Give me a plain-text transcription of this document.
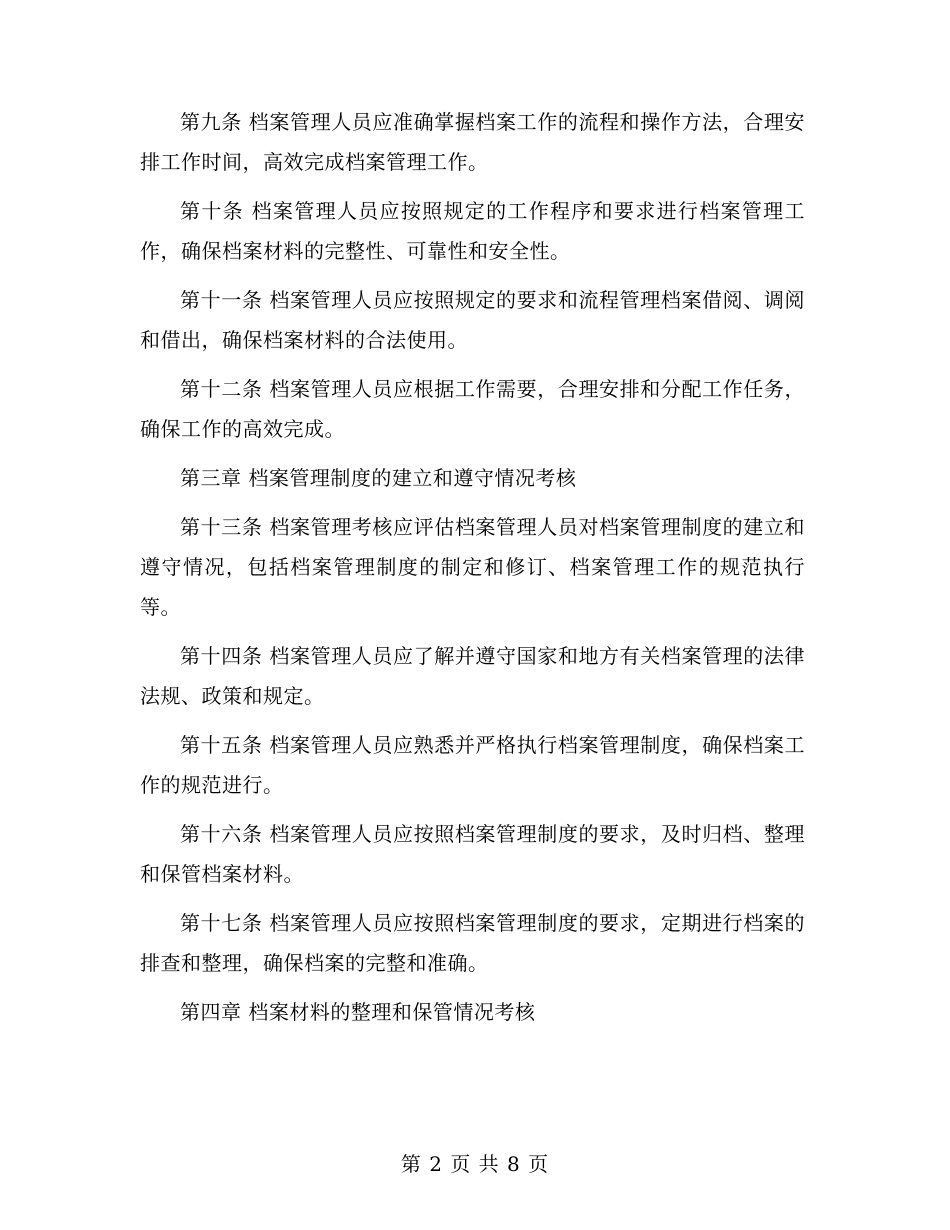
第九条 档案管理人员应准确掌握档案工作的流程和操作方法，合理安排工作时间，高效完成档案管理工作。

第十条 档案管理人员应按照规定的工作程序和要求进行档案管理工作，确保档案材料的完整性、可靠性和安全性。

第十一条 档案管理人员应按照规定的要求和流程管理档案借阅、调阅和借出，确保档案材料的合法使用。

第十二条 档案管理人员应根据工作需要，合理安排和分配工作任务，确保工作的高效完成。

第三章 档案管理制度的建立和遵守情况考核

第十三条 档案管理考核应评估档案管理人员对档案管理制度的建立和遵守情况，包括档案管理制度的制定和修订、档案管理工作的规范执行等。

第十四条 档案管理人员应了解并遵守国家和地方有关档案管理的法律法规、政策和规定。

第十五条 档案管理人员应熟悉并严格执行档案管理制度，确保档案工作的规范进行。

第十六条 档案管理人员应按照档案管理制度的要求，及时归档、整理和保管档案材料。

第十七条 档案管理人员应按照档案管理制度的要求，定期进行档案的排查和整理，确保档案的完整和准确。

第四章 档案材料的整理和保管情况考核

第 2 页 共 8 页
